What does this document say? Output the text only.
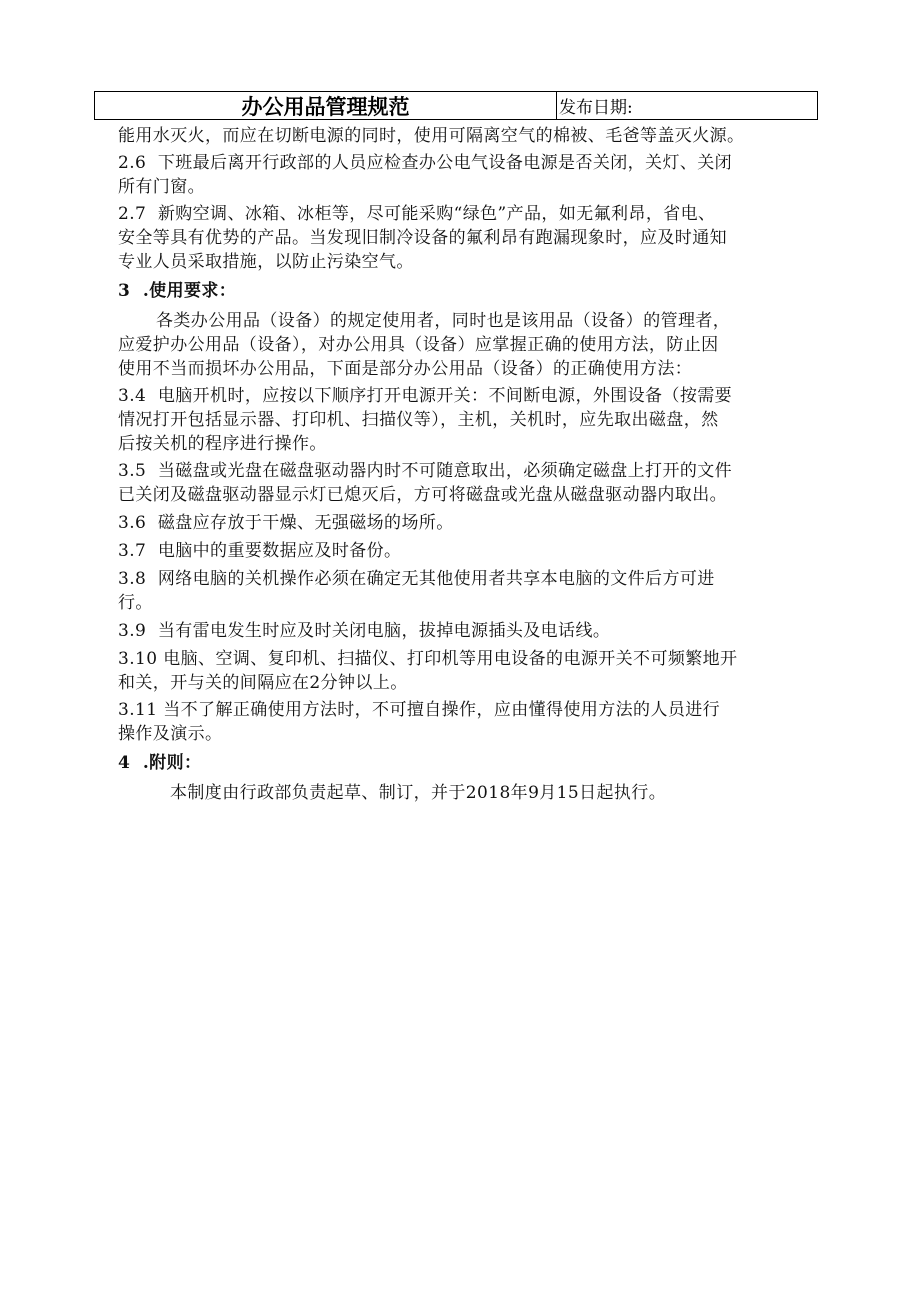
办公用品管理规范	发布日期:

能用水灭火，而应在切断电源的同时，使用可隔离空气的棉被、毛爸等盖灭火源。

2.6  下班最后离开行政部的人员应检查办公电气设备电源是否关闭，关灯、关闭
所有门窗。

2.7  新购空调、冰箱、冰柜等，尽可能采购“绿色”产品，如无氟利昂，省电、
安全等具有优势的产品。当发现旧制冷设备的氟利昂有跑漏现象时，应及时通知
专业人员采取措施，以防止污染空气。

3  .使用要求：

各类办公用品（设备）的规定使用者，同时也是该用品（设备）的管理者，
应爱护办公用品（设备），对办公用具（设备）应掌握正确的使用方法，防止因
使用不当而损坏办公用品，下面是部分办公用品（设备）的正确使用方法：

3.4  电脑开机时，应按以下顺序打开电源开关：不间断电源，外围设备（按需要
情况打开包括显示器、打印机、扫描仪等），主机，关机时，应先取出磁盘，然
后按关机的程序进行操作。

3.5  当磁盘或光盘在磁盘驱动器内时不可随意取出，必须确定磁盘上打开的文件
已关闭及磁盘驱动器显示灯已熄灭后，方可将磁盘或光盘从磁盘驱动器内取出。

3.6  磁盘应存放于干燥、无强磁场的场所。

3.7  电脑中的重要数据应及时备份。

3.8  网络电脑的关机操作必须在确定无其他使用者共享本电脑的文件后方可进
行。

3.9  当有雷电发生时应及时关闭电脑，拔掉电源插头及电话线。

3.10 电脑、空调、复印机、扫描仪、打印机等用电设备的电源开关不可频繁地开
和关，开与关的间隔应在2分钟以上。

3.11 当不了解正确使用方法时，不可擅自操作，应由懂得使用方法的人员进行
操作及演示。

4  .附则：

本制度由行政部负责起草、制订，并于2018年9月15日起执行。
